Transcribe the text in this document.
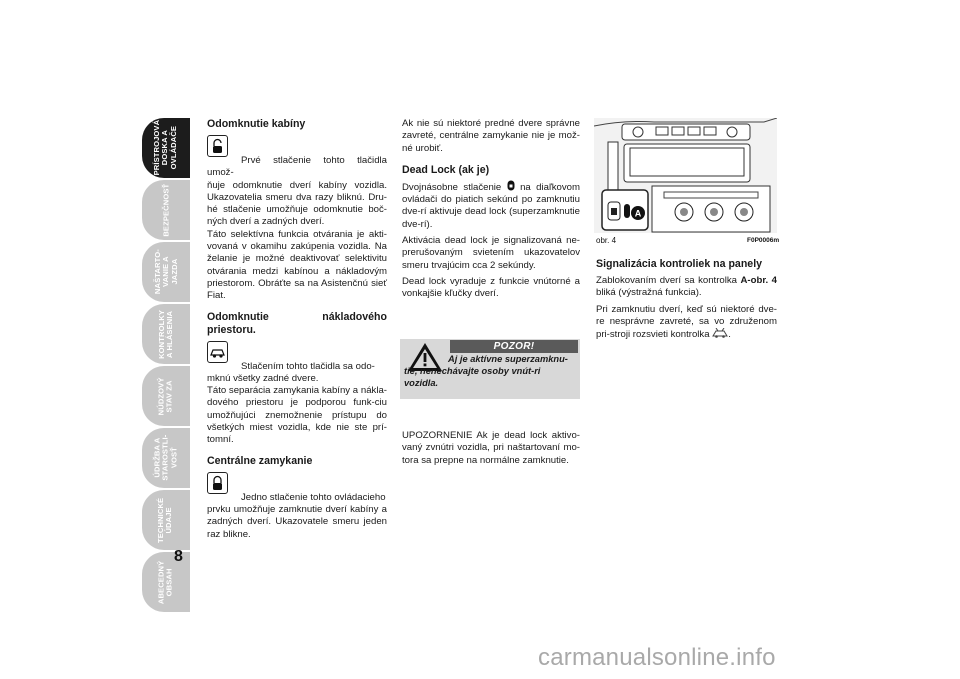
PRÍSTROJOVÁ
DOSKA A
OVLÁDAČE
BEZPEČNOSŤ
NAŠTARTO-
VANIE A
JAZDA
KONTROLKY
A HLÁSENIA
NÚDZOVÝ
STAV ZA
ÚDRŽBA A
STAROSTLI-
VOSŤ
TECHNICKÉ
ÚDAJE
ABECEDNÝ
OBSAH
8

Odomknutie kabíny

Prvé stlačenie tohto tlačidla umož-

ňuje odomknutie dverí kabíny vozidla. Ukazovatelia smeru dva razy bliknú. Dru-hé stlačenie umožňuje odomknutie boč-ných dverí a zadných dverí.

Táto selektívna funkcia otvárania je akti-vovaná v okamihu zakúpenia vozidla. Na želanie je možné deaktivovať selektivitu otvárania medzi kabínou a nákladovým priestorom. Obráťte sa na Asistenčnú sieť Fiat.

Odomknutie nákladového priestoru.

Stlačením tohto tlačidla sa odo-

mknú všetky zadné dvere.

Táto separácia zamykania kabíny a nákla-dového priestoru je podporou funk-ciu umožňujúci znemožnenie prístupu do všetkých miest vozidla, kde nie ste prí-tomní.

Centrálne zamykanie

Jedno stlačenie tohto ovládacieho

prvku umožňuje zamknutie dverí kabíny a zadných dverí. Ukazovatele smeru jeden raz blikne.

Ak nie sú niektoré predné dvere správne zavreté, centrálne zamykanie nie je mož-né urobiť.

Dead Lock (ak je)

Dvojnásobne stlačenie na diaľkovom ovládači do piatich sekúnd po zamknutiu dve-rí aktivuje dead lock (superzamknutie dve-rí).

Aktivácia dead lock je signalizovaná ne-prerušovaným svietením ukazovatelov smeru trvajúcim cca 2 sekúndy.

Dead lock vyraduje z funkcie vnútorné a vonkajšie kľučky dverí.

POZOR!
Aj je aktívne superzamknu-tie, nenechávajte osoby vnút-ri vozidla.

UPOZORNENIE Ak je dead lock aktivo-vaný zvnútri vozidla, pri naštartovaní mo-tora sa prepne na normálne zamknutie.

A
obr. 4	F0P0006m

Signalizácia kontroliek na panely

Zablokovaním dverí sa kontrolka A-obr. 4 bliká (výstražná funkcia).

Pri zamknutiu dverí, keď sú niektoré dve-re nesprávne zavreté, sa vo združenom pri-stroji rozsvieti kontrolka .

carmanualsonline.info
